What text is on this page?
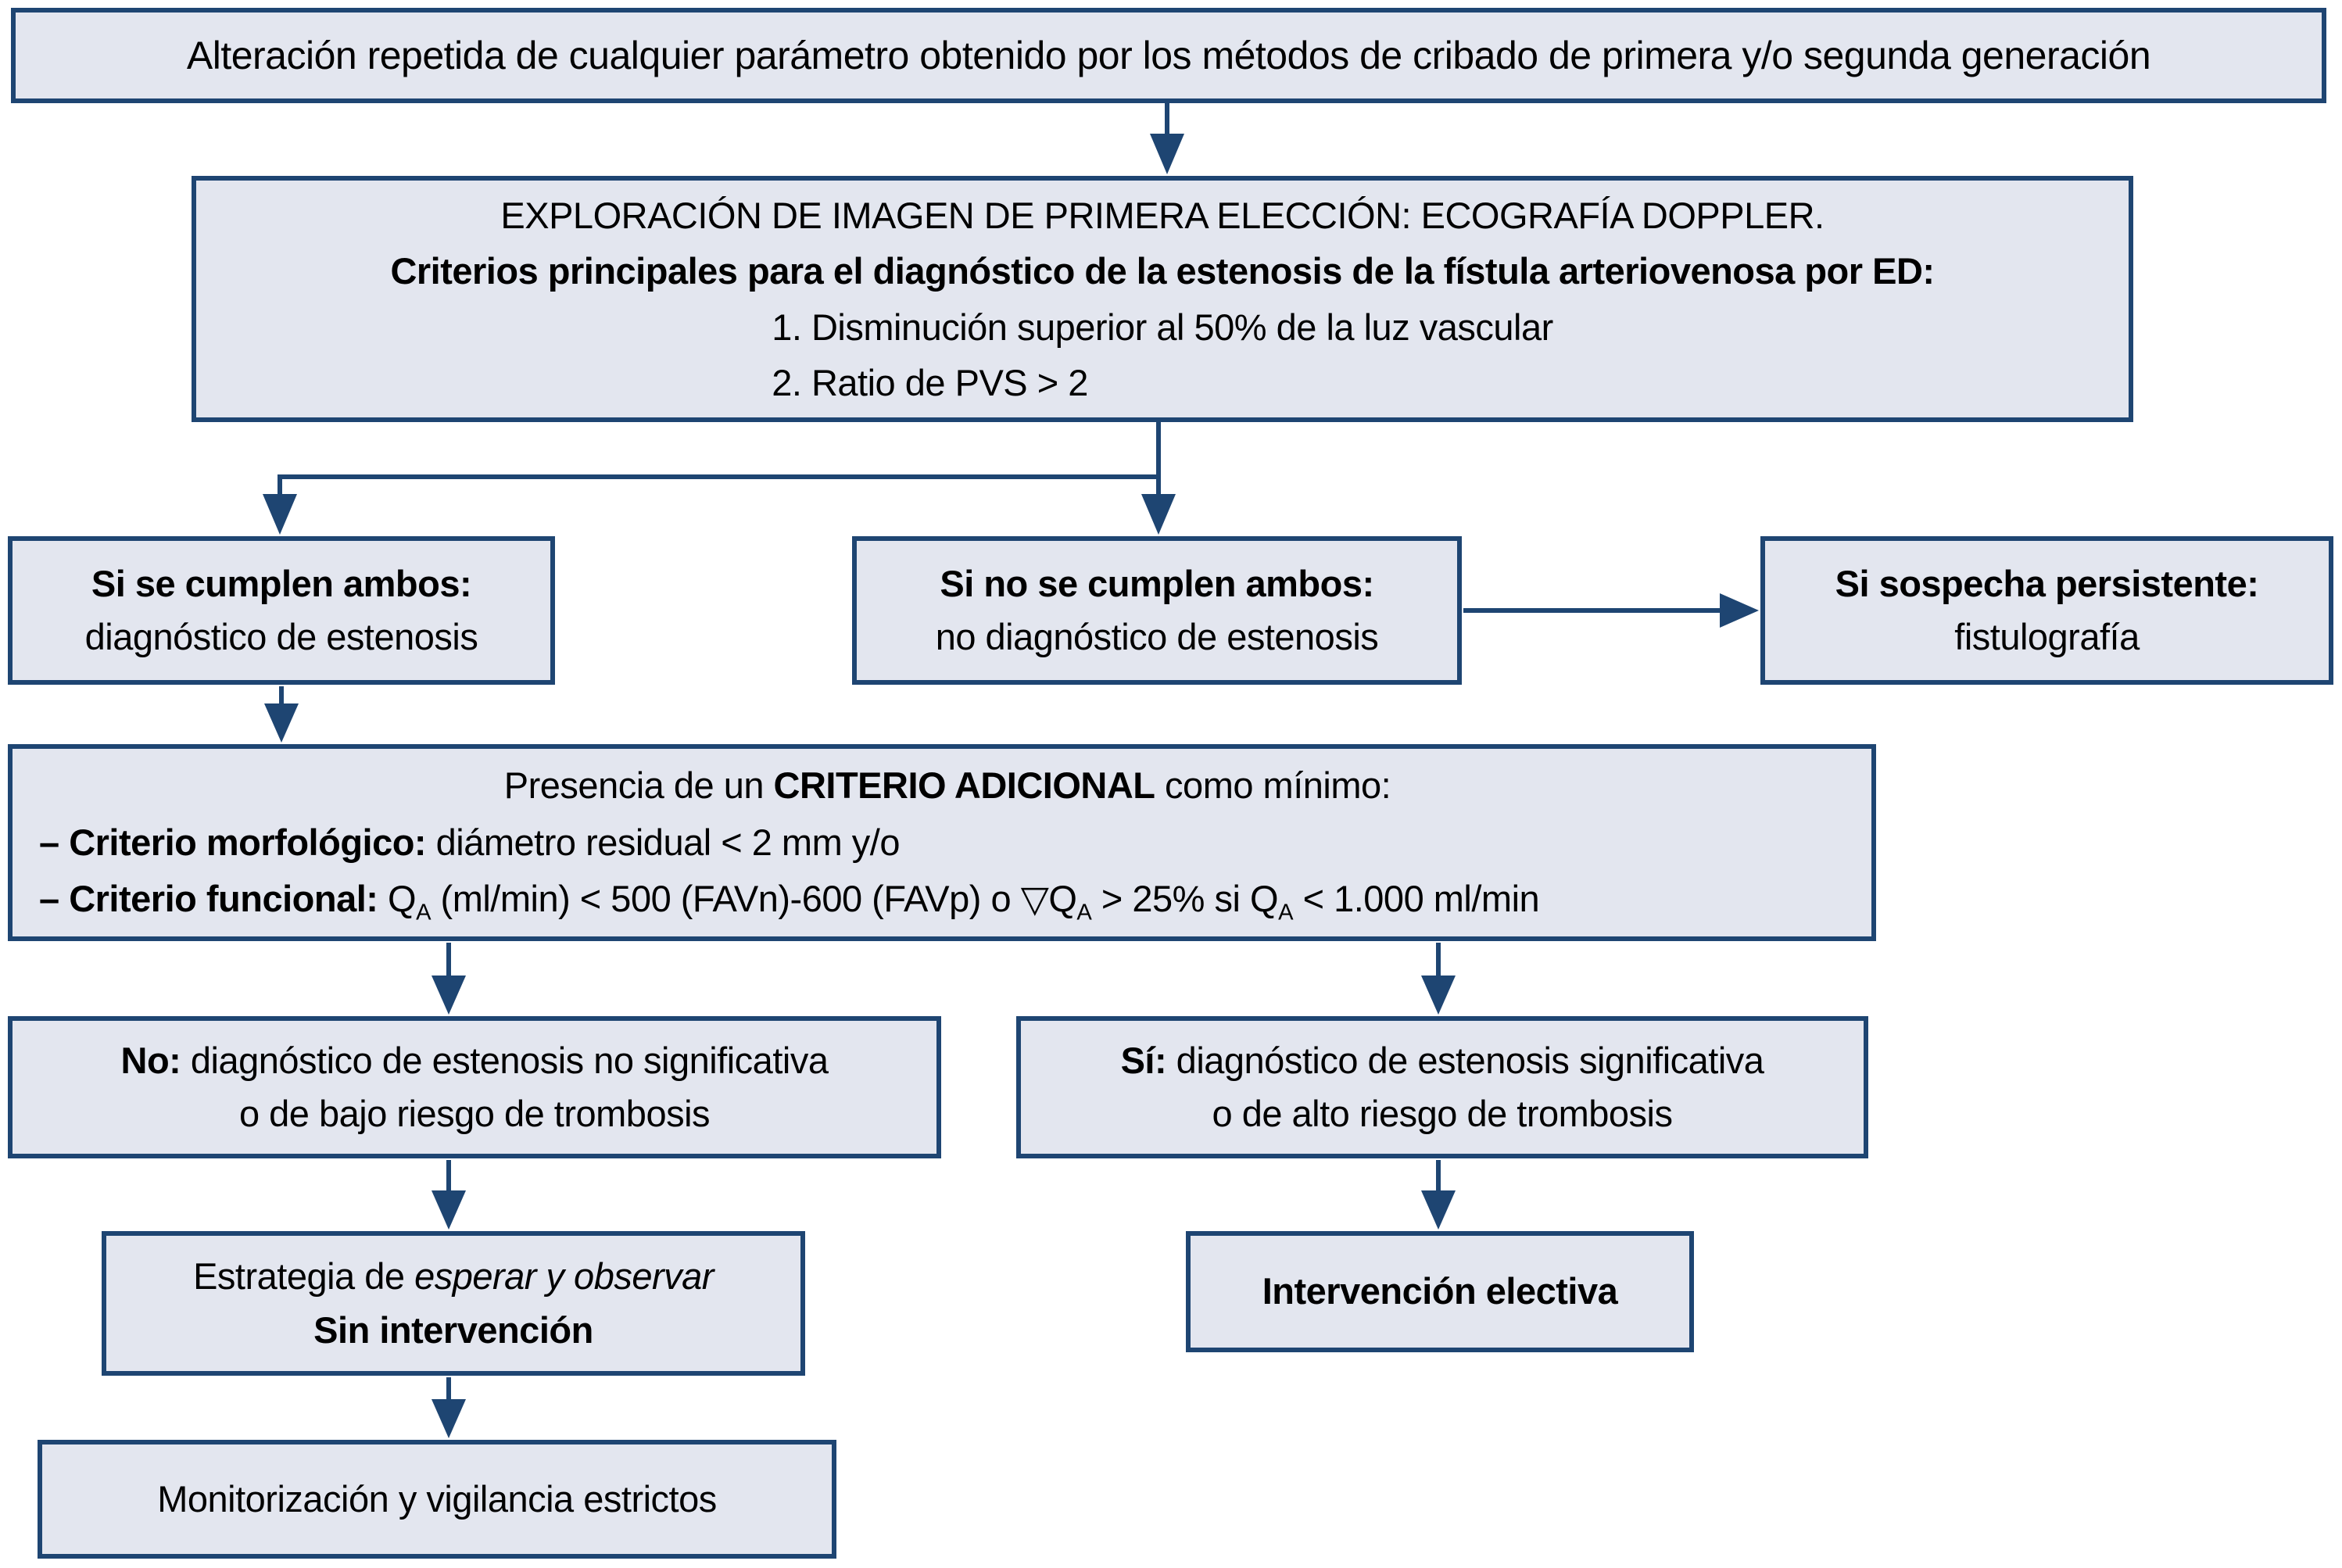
Alteración repetida de cualquier parámetro obtenido por los métodos de cribado de primera y/o segunda generación
EXPLORACIÓN DE IMAGEN DE PRIMERA ELECCIÓN: ECOGRAFÍA DOPPLER.
Criterios principales para el diagnóstico de la estenosis de la fístula arteriovenosa por ED:
1. Disminución superior al 50% de la luz vascular
2. Ratio de PVS > 2
Si se cumplen ambos:
diagnóstico de estenosis
Si no se cumplen ambos:
no diagnóstico de estenosis
Si sospecha persistente:
fistulografía
Presencia de un CRITERIO ADICIONAL como mínimo:
– Criterio morfológico: diámetro residual < 2 mm y/o
– Criterio funcional: $Q_A$ (ml/min) < 500 (FAVn)-600 (FAVp) o $▽Q_A > 25\%$ si $Q_A < 1.000$ ml/min
No: diagnóstico de estenosis no significativa
o de bajo riesgo de trombosis
Sí: diagnóstico de estenosis significativa
o de alto riesgo de trombosis
Estrategia de esperar y observar
Sin intervención
Intervención electiva
Monitorización y vigilancia estrictos
